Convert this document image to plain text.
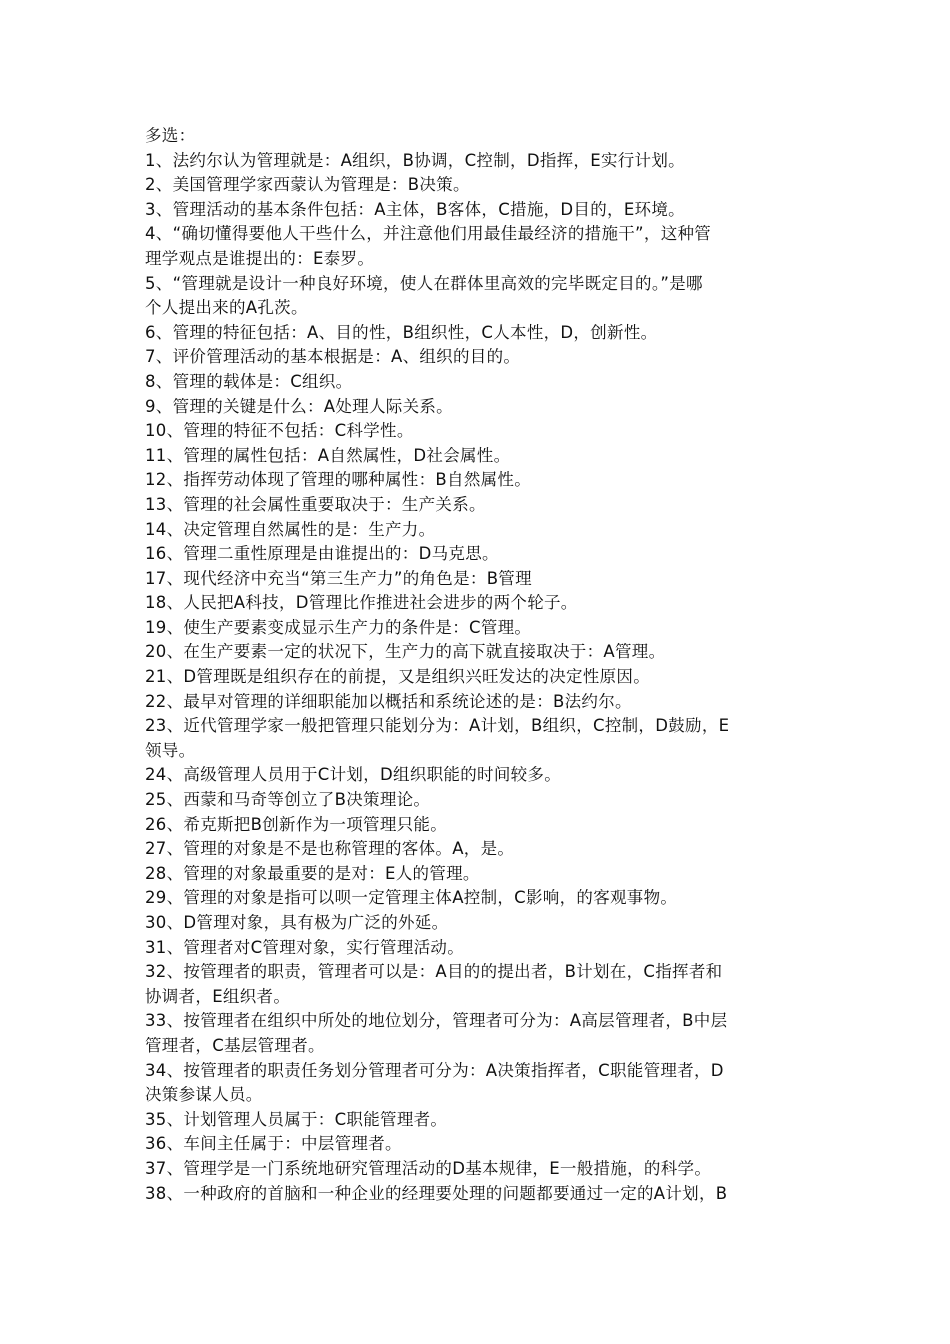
多选：
1、法约尔认为管理就是：A组织，B协调，C控制，D指挥，E实行计划。
2、美国管理学家西蒙认为管理是：B决策。
3、管理活动的基本条件包括：A主体，B客体，C措施，D目的，E环境。
4、“确切懂得要他人干些什么，并注意他们用最佳最经济的措施干”，这种管
理学观点是谁提出的：E泰罗。
5、“管理就是设计一种良好环境，使人在群体里高效的完毕既定目的。”是哪
个人提出来的A孔茨。
6、管理的特征包括：A、目的性，B组织性，C人本性，D，创新性。
7、评价管理活动的基本根据是：A、组织的目的。
8、管理的载体是：C组织。
9、管理的关键是什么：A处理人际关系。
10、管理的特征不包括：C科学性。
11、管理的属性包括：A自然属性，D社会属性。
12、指挥劳动体现了管理的哪种属性：B自然属性。
13、管理的社会属性重要取决于：生产关系。
14、决定管理自然属性的是：生产力。
16、管理二重性原理是由谁提出的：D马克思。
17、现代经济中充当“第三生产力”的角色是：B管理
18、人民把A科技，D管理比作推进社会进步的两个轮子。
19、使生产要素变成显示生产力的条件是：C管理。
20、在生产要素一定的状况下，生产力的高下就直接取决于：A管理。
21、D管理既是组织存在的前提，又是组织兴旺发达的决定性原因。
22、最早对管理的详细职能加以概括和系统论述的是：B法约尔。
23、近代管理学家一般把管理只能划分为：A计划，B组织，C控制，D鼓励，E
领导。
24、高级管理人员用于C计划，D组织职能的时间较多。
25、西蒙和马奇等创立了B决策理论。
26、希克斯把B创新作为一项管理只能。
27、管理的对象是不是也称管理的客体。A，是。
28、管理的对象最重要的是对：E人的管理。
29、管理的对象是指可以呗一定管理主体A控制，C影响，的客观事物。
30、D管理对象，具有极为广泛的外延。
31、管理者对C管理对象，实行管理活动。
32、按管理者的职责，管理者可以是：A目的的提出者，B计划在，C指挥者和
协调者，E组织者。
33、按管理者在组织中所处的地位划分，管理者可分为：A高层管理者，B中层
管理者，C基层管理者。
34、按管理者的职责任务划分管理者可分为：A决策指挥者，C职能管理者，D
决策参谋人员。
35、计划管理人员属于：C职能管理者。
36、车间主任属于：中层管理者。
37、管理学是一门系统地研究管理活动的D基本规律，E一般措施，的科学。
38、一种政府的首脑和一种企业的经理要处理的问题都要通过一定的A计划，B
